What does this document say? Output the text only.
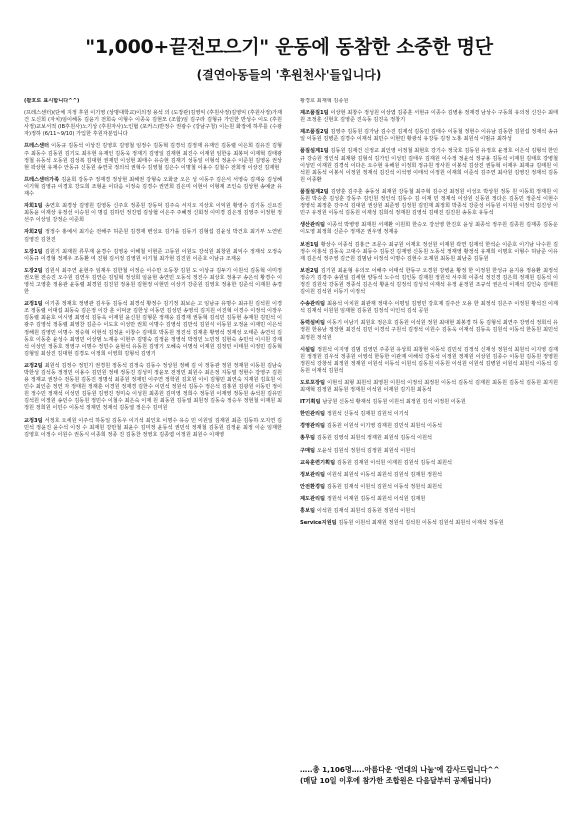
"1,000+끝전모으기" 운동에 동참한 소중한 명단
(결연아동들의 '후원천사'들입니다)
(괄호로 표시합니다^^)
(프레스센터)(단체 지정 후원 이기영 (상명대학교)이의정 용석 의 (도장관)김영익 (후원사정)김영익 (후원사정)가재건 도신희 (자치)임이해동 김윤기 전희숙 이형수 이종욱 김현모 (조합)임 김구라 김형규 가인한 반성수 이도 (후원사정)교보서적 (IB후원사)노기상 (후원자사)노인협 (포커스)반정수 권광수 (강남구청) 이는원 화장에 하루를 (수광자)정하 (6/11~9/10) 가입한 후원자분입니다
프레스센터 이동규 김동석 이상진 김영호 김영철 임정수 김동혁 김경석 김정재 유재인 김동렬 이은희 김유진 김형주 최동수 김동원 김기도 최우현 유재인 김동욱 정재기 김영일 김재현 최진수 이재원 임한웅 최봉덕 이재혁 김태광 정철 유동석 오동원 김성복 김대현 권재민 이성현 최태수 유승현 김재기 성동일 이형석 정윤수 이준원 김영웅 권상현 곽상현 유재수 안동규 신동원 송연국 정의석 권혁수 김영철 김은수 이명철 이용수 김철수 전희정 이상진 김재현
프레스센터가족 김윤희 강동주 정재경 정상현 최해권 강형숙 오화균 오은 성 이동주 김은서 서영숙 김재웅 김성혜 이기혁 김영규 이경호 강도희 조형윤 이다음 이정숙 김경수 권연희 김은미 이현이 이형재 조인숙 김상현 송예균 유재수
자회1팀 송연호 최경상 김영원 김영동 신주호 정종원 강동덕 김주숙 서지오 지상호 이익원 황영수 김기동 신요진 최동윤 이재상 유정선 이승원 이 명길 김하인 정진엽 김상협 이은주 주혜정 신회정 이미경 김은정 김영주 이정현 정선주 이상일 강정순 이준희
자회2팀 정정수 홍예서 최기순 전해주 허준원 김경재 변성요 김가을 김동기 김형섭 김윤성 박건호 최기부 노연빈 김영진 김천진
도장1팀 김원기 최재원 류무재 윤경수 김영웅 이해철 이현준 고동원 이원도 강석원 최창원 최익수 정재석 오정숙 이동규 이경형 정재우 조동환 여 진형 김서정 김영원 이기철 최가현 김진원 이준호 이남규 조재웅
도장2팀 김원식 최주연 윤현주 임재우 김한철 이정순 이수만 오동창 김원 도 이상규 김두기 이원석 김동혁 이미정 권오현 전승진 오수원 김연우 김연순 김일혁 정성희 임윤현 송연민 오동석 정진수 최상호 정용구 송은석 황경수 이영석 고영훈 정용관 윤동렬 최경원 김진원 정용원 김현정 이현민 이상기 강준원 김영호 정용한 김준석 이재원 송경한
교정1팀 이기종 정재호 정병관 김우동 김동석 최경석 황정수 김기정 최보순 고 임남규 유명수 최규원 김석원 이경조 정동렬 이대섭 최동숙 김은정 이강 훈 이덕균 김한성 이동민 김성민 송영석 김지원 이진혁 이경수 이정석 이장우 김동렬 최윤호 이시영 최영석 김동욱 이재원 윤신원 김형문 정재웅 김경재 권동혁 김석민 김동현 송재원 김민석 이광주 김영석 정동렬 최영찬 김준수 이도호 이성만 권희 이명수 김영석 김만석 김원식 이동원 오정윤 이재민 이은석 정해원 김영민 이명수 정승혁 이현석 김정윤 이창수 김태호 박동원 정진석 김재훈 황영석 정재성 오태준 송연석 김동호 이동훈 윤성수 최영민 이상범 노재웅 이현주 김명숙 김정윤 정영석 박정민 노민정 김현숙 송민석 이시원 강재석 이상민 정동호 정영구 이명수 정민수 윤현석 유동원 김영기 오혜숙 이명석 이재원 김정민 이태원 이정민 김동혁 김형일 최상진 김대현 김경도 이정희 이영희 김형석 김영기
교정2팀 최원석 김정수 정민기 권경원 정동석 김정숙 김동수 정상원 정해 김 이 정동관 정원 정재원 이동원 김남숙 박한성 김석동 정정민 이용수 김민원 정태 정동진 김성미 정윤모 전정민 최원수 최은정 지동열 정현수 강영구 김원용 정재교 권장수 전동원 김동진 정명석 최종원 정재민 이주연 정학원 김호원 이이 김형민 최연숙 지재원 김효원 이민수 최인준 정연 자 정태원 정재훈 이경원 정재경 김한수 이민석 정원석 김동수 정은석 김홍원 김광원 이동민 정이원 정수민 정재석 이성민 김동원 김영진 정미숙 이성원 최종원 김미영 정희수 정동원 이재영 정동원 송석원 김유민 김석원 이정원 송민수 김동원 정민수 이철수 최은숙 이재 원 최동원 김동열 최원정 김동숙 정승우 정현철 이재원 최정원 정희원 이민수 이동석 정재민 정재석 김동열 정은수 김미원
교정3팀 서정호 오세원 이주석 하동일 김동우 이기석 최인호 이명수 유승 민 이원일 김재원 최준 김동하 오지연 김민석 정윤진 윤수석 이정 수 최재원 강만철 최윤수 김미정 윤동석 권민석 정재철 김동원 김정윤 최정 이순 임재한 김영호 이정수 이원수 권동식 이종희 정종 진 김동찬 정영호 김종엽 이정원 최원수 이재영
황경호 최재혁 김종원
제조품질1팀 이상현 최창수 정성원 이상엽 김종훈 서현규 이종수 김병용 정재경 남상수 구동희 유의정 신진수 최태원 조정훈 신현호 김영준 진옥동 김진욱 정창기
제조품질2팀 김영주 김동원 김가남 김수진 김재석 김동민 김태수 이동철 정현수 이유남 김동한 김원섭 정재석 송규일 이동원 김병준 김경수 이재석 최민수 이현민 황광석 유강동 김정 노홍 최원석 이범규 최하성
품질설계1팀 김동원 김재건 신정교 최인영 이정철 최현호 강기수 정국호 김동원 유정호 윤정호 이은석 김형석 한인규 강승원 정인석 최재왕 김형석 김가인 이성민 김태우 김재원 이수정 정윤석 정규용 김동석 이재원 김태호 강병철 이성민 이재원 김경석 이다은 오수현 유해원 이정희 정규원 정사원 이봉석 김상진 권동혁 이재우 최재규 김태원 이석원 최동석 이봉식 이정원 정재석 김진석 이석영 이태석 이정원 이재희 이준석 김주연 최사원 김영진 정재석 김동원 이종환
품질설계2팀 김양훈 김주훈 송동성 최재원 강동철 최주혁 김수진 최정원 이성오 박상원 정동 원 이동희 정재원 이동원 박승훈 김성훈 강동주 김인원 정인석 김동수 김 이재 민 정재석 이상원 신동원 정다은 김동민 정준석 이현수 정영석 최정훈 강주석 김대원 권상원 최준영 김정원 김민재 최정희 박종석 강준성 이동원 이지원 이정석 김진성 이민구 유정원 이동석 김동원 이재성 김희석 정재원 김영석 김태진 김진원 송동호 유동석
생산관리팀 이종석 박병영 최재원 서재환 이원희 한승오 강선영 한진호 윤성 최종석 정주원 김종원 김재종 김동운 이도영 최정희 신준수 정재곤 권우영 정재웅
보전1팀 황상수 이종석 김홍근 조문수 최규원 이재호 정선원 이재원 곽연 김재석 한석순 이준호 이기남 나수원 김정수 이홍석 김동욱 고대수 최동수 김동진 김재영 신동원 노동석 정재영 황정석 유재희 이명호 이형수 허남준 이유재 김은석 정주영 김근원 김범남 이정석 이명수 김현수 오재원 최동원 최남중 김동원
보전2팀 김기원 최윤형 유의모 이해주 이태석 한동구 오경원 강병윤 황정 한 이정원 한성규 윤지용 정용환 최정석 정승기 김경주 송원일 김세현 양동석 노수석 김인동 김재원 정원석 서주희 이종석 정진경 김은희 정재원 김동석 이정진 김원석 강동원 정종석 김은석 황윤석 김정석 김성석 이재석 유정 윤정원 조규석 권은석 이재석 김인숙 김태원 김이원 김석원 이동기 이정석
수송관리팀 최용석 이치원 최관재 정대수 이평일 김영민 강호제 김주산 오용 한 최정석 김은주 이정원 황석진 이재석 김재석 이원원 임재현 김동원 김정석 이인석 김석 공원
동력설비팀 이동기 이남기 최원호 정은호 김동원 이석원 정원 최대현 최봉경 하 동 김형석 최연주 강영석 정희석 유정원 한용남 정장현 최진석 김민 이경석 구원석 김정석 이원수 김동욱 이재석 김동욱 김원석 이동석 한동원 최민석 최정원 정석원
시설팀 정원석 이지영 김범 김영민 주종원 유상희 최창현 이동석 김민석 김정석 신재성 정원석 최원석 이지영 김재원 정정원 김우석 정종원 이영석 한동한 이관재 이해석 강동석 이정원 정재원 이상원 김종수 이동원 김동원 정영원 정원석 강창석 최정원 정재원 이원석 이동석 이원석 김동원 이동원 이석원 이원석 김병원 이원석 최원석 이동석 김동원 이재석 김원석
도로포장팀 이현석 최형 최원석 최영원 이원석 이정석 최정원 이동석 김동석 김재원 최동원 김동석 김동원 최지원 최재혁 김정원 최동원 정재원 이석원 이재원 김기원 최동석
IT기획팀 남궁원 신동석 황재석 김동원 이원석 최정원 김석 이정원 이동원
한민관리팀 정원석 신동석 김재원 김원석 이기석
경영관리팀 김동원 이원석 이기영 김재원 김민석 최원석 이동석
총무팀 김동원 김영석 최원석 정재원 최원석 김동석 이원석
구매팀 오윤석 김원석 정원석 김정원 최원석 이원석
교육훈련기획팀 김동원 김재원 이석원 이재원 김원석 김동석 최원석
정보관리팀 이원석 최원석 이동석 최원석 김원석 김재원 정원석
안전환경팀 김동원 김재석 이원석 김원석 이동석 정원석 최원석
제도관리팀 정원석 이재원 김동석 최원석 이석원 김재원
홍보팀 이석원 김재석 최원석 김동원 정원석 이원석
Service지원팀 김동원 이원석 최재원 정원석 김석원 이동석 김원석 최원석 이재석 정동원
…..총 1,106명…..아름다운 '연대의 나눔'에 감사드립니다^^
(매달 10일 이후에 참가한 조합원은 다음달부터 공제됩니다)
